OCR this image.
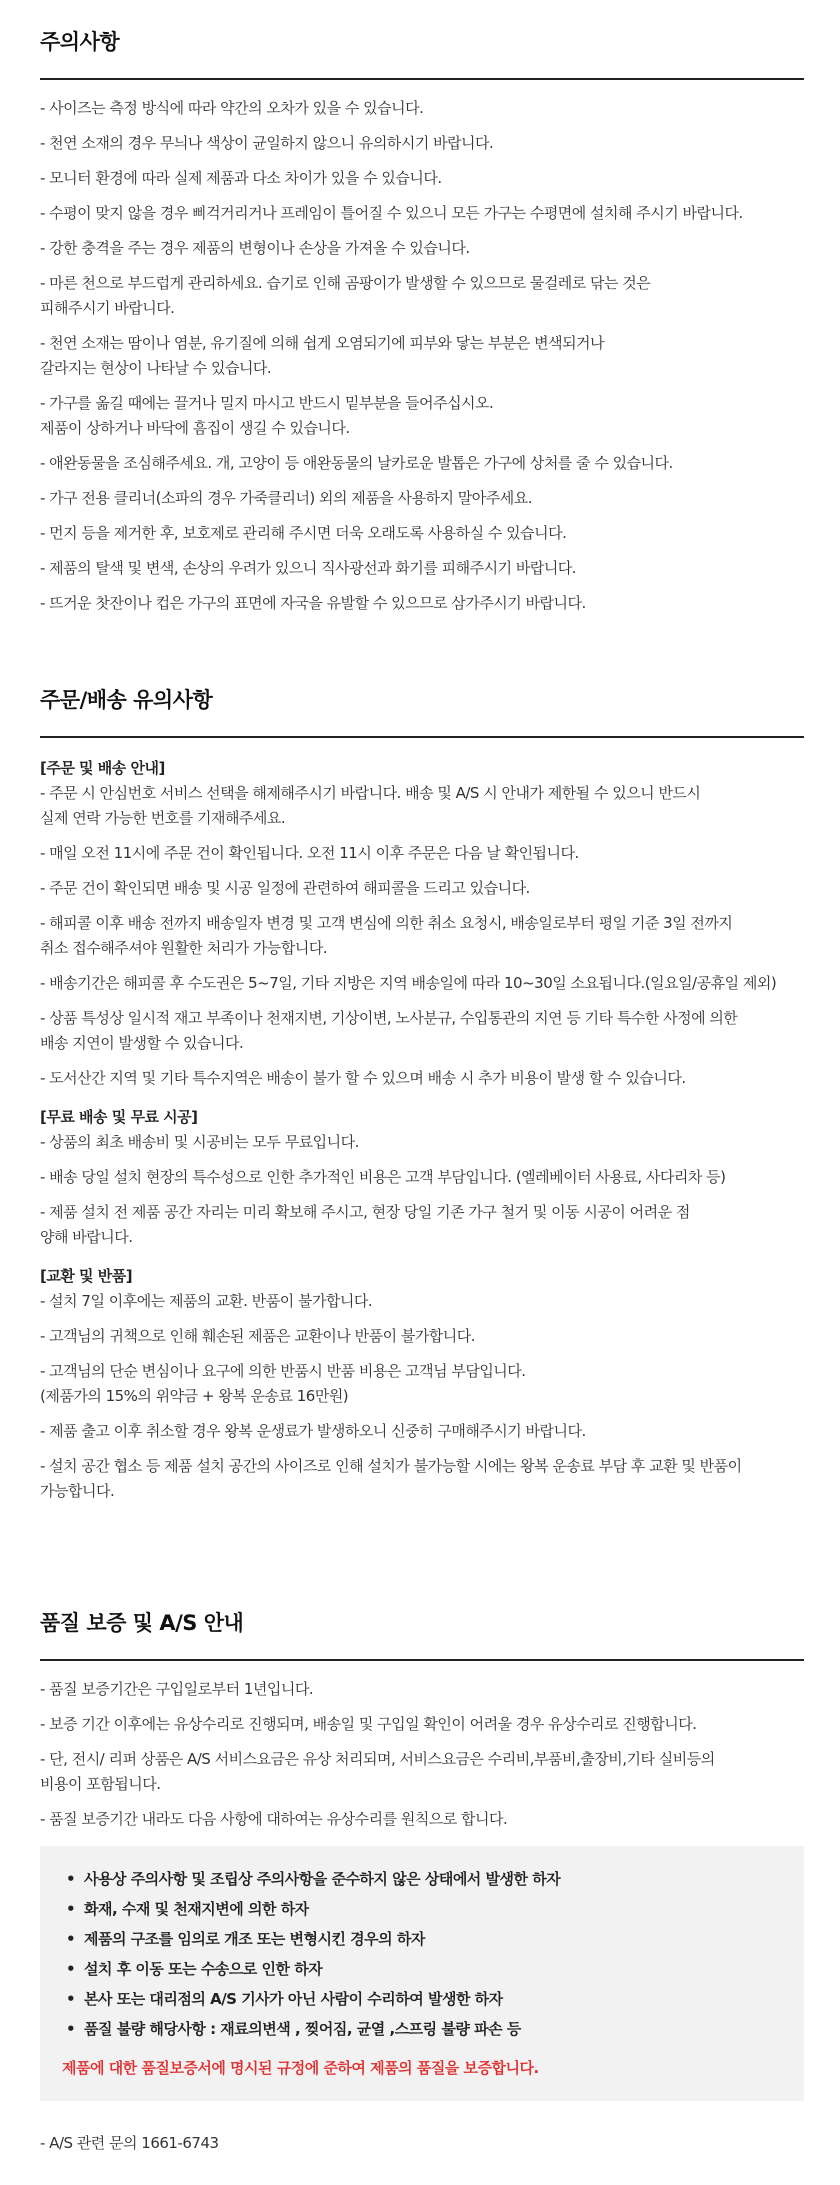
주의사항
- 사이즈는 측정 방식에 따라 약간의 오차가 있을 수 있습니다.
- 천연 소재의 경우 무늬나 색상이 균일하지 않으니 유의하시기 바랍니다.
- 모니터 환경에 따라 실제 제품과 다소 차이가 있을 수 있습니다.
- 수평이 맞지 않을 경우 삐걱거리거나 프레임이 틀어질 수 있으니 모든 가구는 수평면에 설치해 주시기 바랍니다.
- 강한 충격을 주는 경우 제품의 변형이나 손상을 가져올 수 있습니다.
- 마른 천으로 부드럽게 관리하세요. 습기로 인해 곰팡이가 발생할 수 있으므로 물걸레로 닦는 것은
피해주시기 바랍니다.
- 천연 소재는 땀이나 염분, 유기질에 의해 쉽게 오염되기에 피부와 닿는 부분은 변색되거나
갈라지는 현상이 나타날 수 있습니다.
- 가구를 옮길 때에는 끌거나 밀지 마시고 반드시 밑부분을 들어주십시오.
제품이 상하거나 바닥에 흠집이 생길 수 있습니다.
- 애완동물을 조심해주세요. 개, 고양이 등 애완동물의 날카로운 발톱은 가구에 상처를 줄 수 있습니다.
- 가구 전용 클리너(소파의 경우 가죽클리너) 외의 제품을 사용하지 말아주세요.
- 먼지 등을 제거한 후, 보호제로 관리해 주시면 더욱 오래도록 사용하실 수 있습니다.
- 제품의 탈색 및 변색, 손상의 우려가 있으니 직사광선과 화기를 피해주시기 바랍니다.
- 뜨거운 찻잔이나 컵은 가구의 표면에 자국을 유발할 수 있으므로 삼가주시기 바랍니다.
주문/배송 유의사항
[주문 및 배송 안내]
- 주문 시 안심번호 서비스 선택을 해제해주시기 바랍니다. 배송 및 A/S 시 안내가 제한될 수 있으니 반드시
실제 연락 가능한 번호를 기재해주세요.
- 매일 오전 11시에 주문 건이 확인됩니다. 오전 11시 이후 주문은 다음 날 확인됩니다.
- 주문 건이 확인되면 배송 및 시공 일정에 관련하여 해피콜을 드리고 있습니다.
- 해피콜 이후 배송 전까지 배송일자 변경 및 고객 변심에 의한 취소 요청시, 배송일로부터 평일 기준 3일 전까지
취소 접수해주셔야 원활한 처리가 가능합니다.
- 배송기간은 해피콜 후 수도권은 5~7일, 기타 지방은 지역 배송일에 따라 10~30일 소요됩니다.(일요일/공휴일 제외)
- 상품 특성상 일시적 재고 부족이나 천재지변, 기상이변, 노사분규, 수입통관의 지연 등 기타 특수한 사정에 의한
배송 지연이 발생할 수 있습니다.
- 도서산간 지역 및 기타 특수지역은 배송이 불가 할 수 있으며 배송 시 추가 비용이 발생 할 수 있습니다.
[무료 배송 및 무료 시공]
- 상품의 최초 배송비 및 시공비는 모두 무료입니다.
- 배송 당일 설치 현장의 특수성으로 인한 추가적인 비용은 고객 부담입니다. (엘레베이터 사용료, 사다리차 등)
- 제품 설치 전 제품 공간 자리는 미리 확보해 주시고, 현장 당일 기존 가구 철거 및 이동 시공이 어려운 점
양해 바랍니다.
[교환 및 반품]
- 설치 7일 이후에는 제품의 교환. 반품이 불가합니다.
- 고객님의 귀책으로 인해 훼손된 제품은 교환이나 반품이 불가합니다.
- 고객님의 단순 변심이나 요구에 의한 반품시 반품 비용은 고객님 부담입니다.
(제품가의 15%의 위약금 + 왕복 운송료 16만원)
- 제품 출고 이후 취소할 경우 왕복 운생료가 발생하오니 신중히 구매해주시기 바랍니다.
- 설치 공간 협소 등 제품 설치 공간의 사이즈로 인해 설치가 불가능할 시에는 왕복 운송료 부담 후 교환 및 반품이
가능합니다.
품질 보증 및 A/S 안내
- 품질 보증기간은 구입일로부터 1년입니다.
- 보증 기간 이후에는 유상수리로 진행되며, 배송일 및 구입일 확인이 어려울 경우 유상수리로 진행합니다.
- 단, 전시/ 리퍼 상품은 A/S 서비스요금은 유상 처리되며, 서비스요금은 수리비,부품비,출장비,기타 실비등의
비용이 포함됩니다.
- 품질 보증기간 내라도 다음 사항에 대하여는 유상수리를 원칙으로 합니다.
• 사용상 주의사항 및 조립상 주의사항을 준수하지 않은 상태에서 발생한 하자
• 화재, 수재 및 천재지변에 의한 하자
• 제품의 구조를 임의로 개조 또는 변형시킨 경우의 하자
• 설치 후 이동 또는 수송으로 인한 하자
• 본사 또는 대리점의 A/S 기사가 아닌 사람이 수리하여 발생한 하자
• 품질 불량 해당사항 : 재료의변색 , 찢어짐, 균열 ,스프링 불량 파손 등
제품에 대한 품질보증서에 명시된 규정에 준하여 제품의 품질을 보증합니다.
- A/S 관련 문의 1661-6743
